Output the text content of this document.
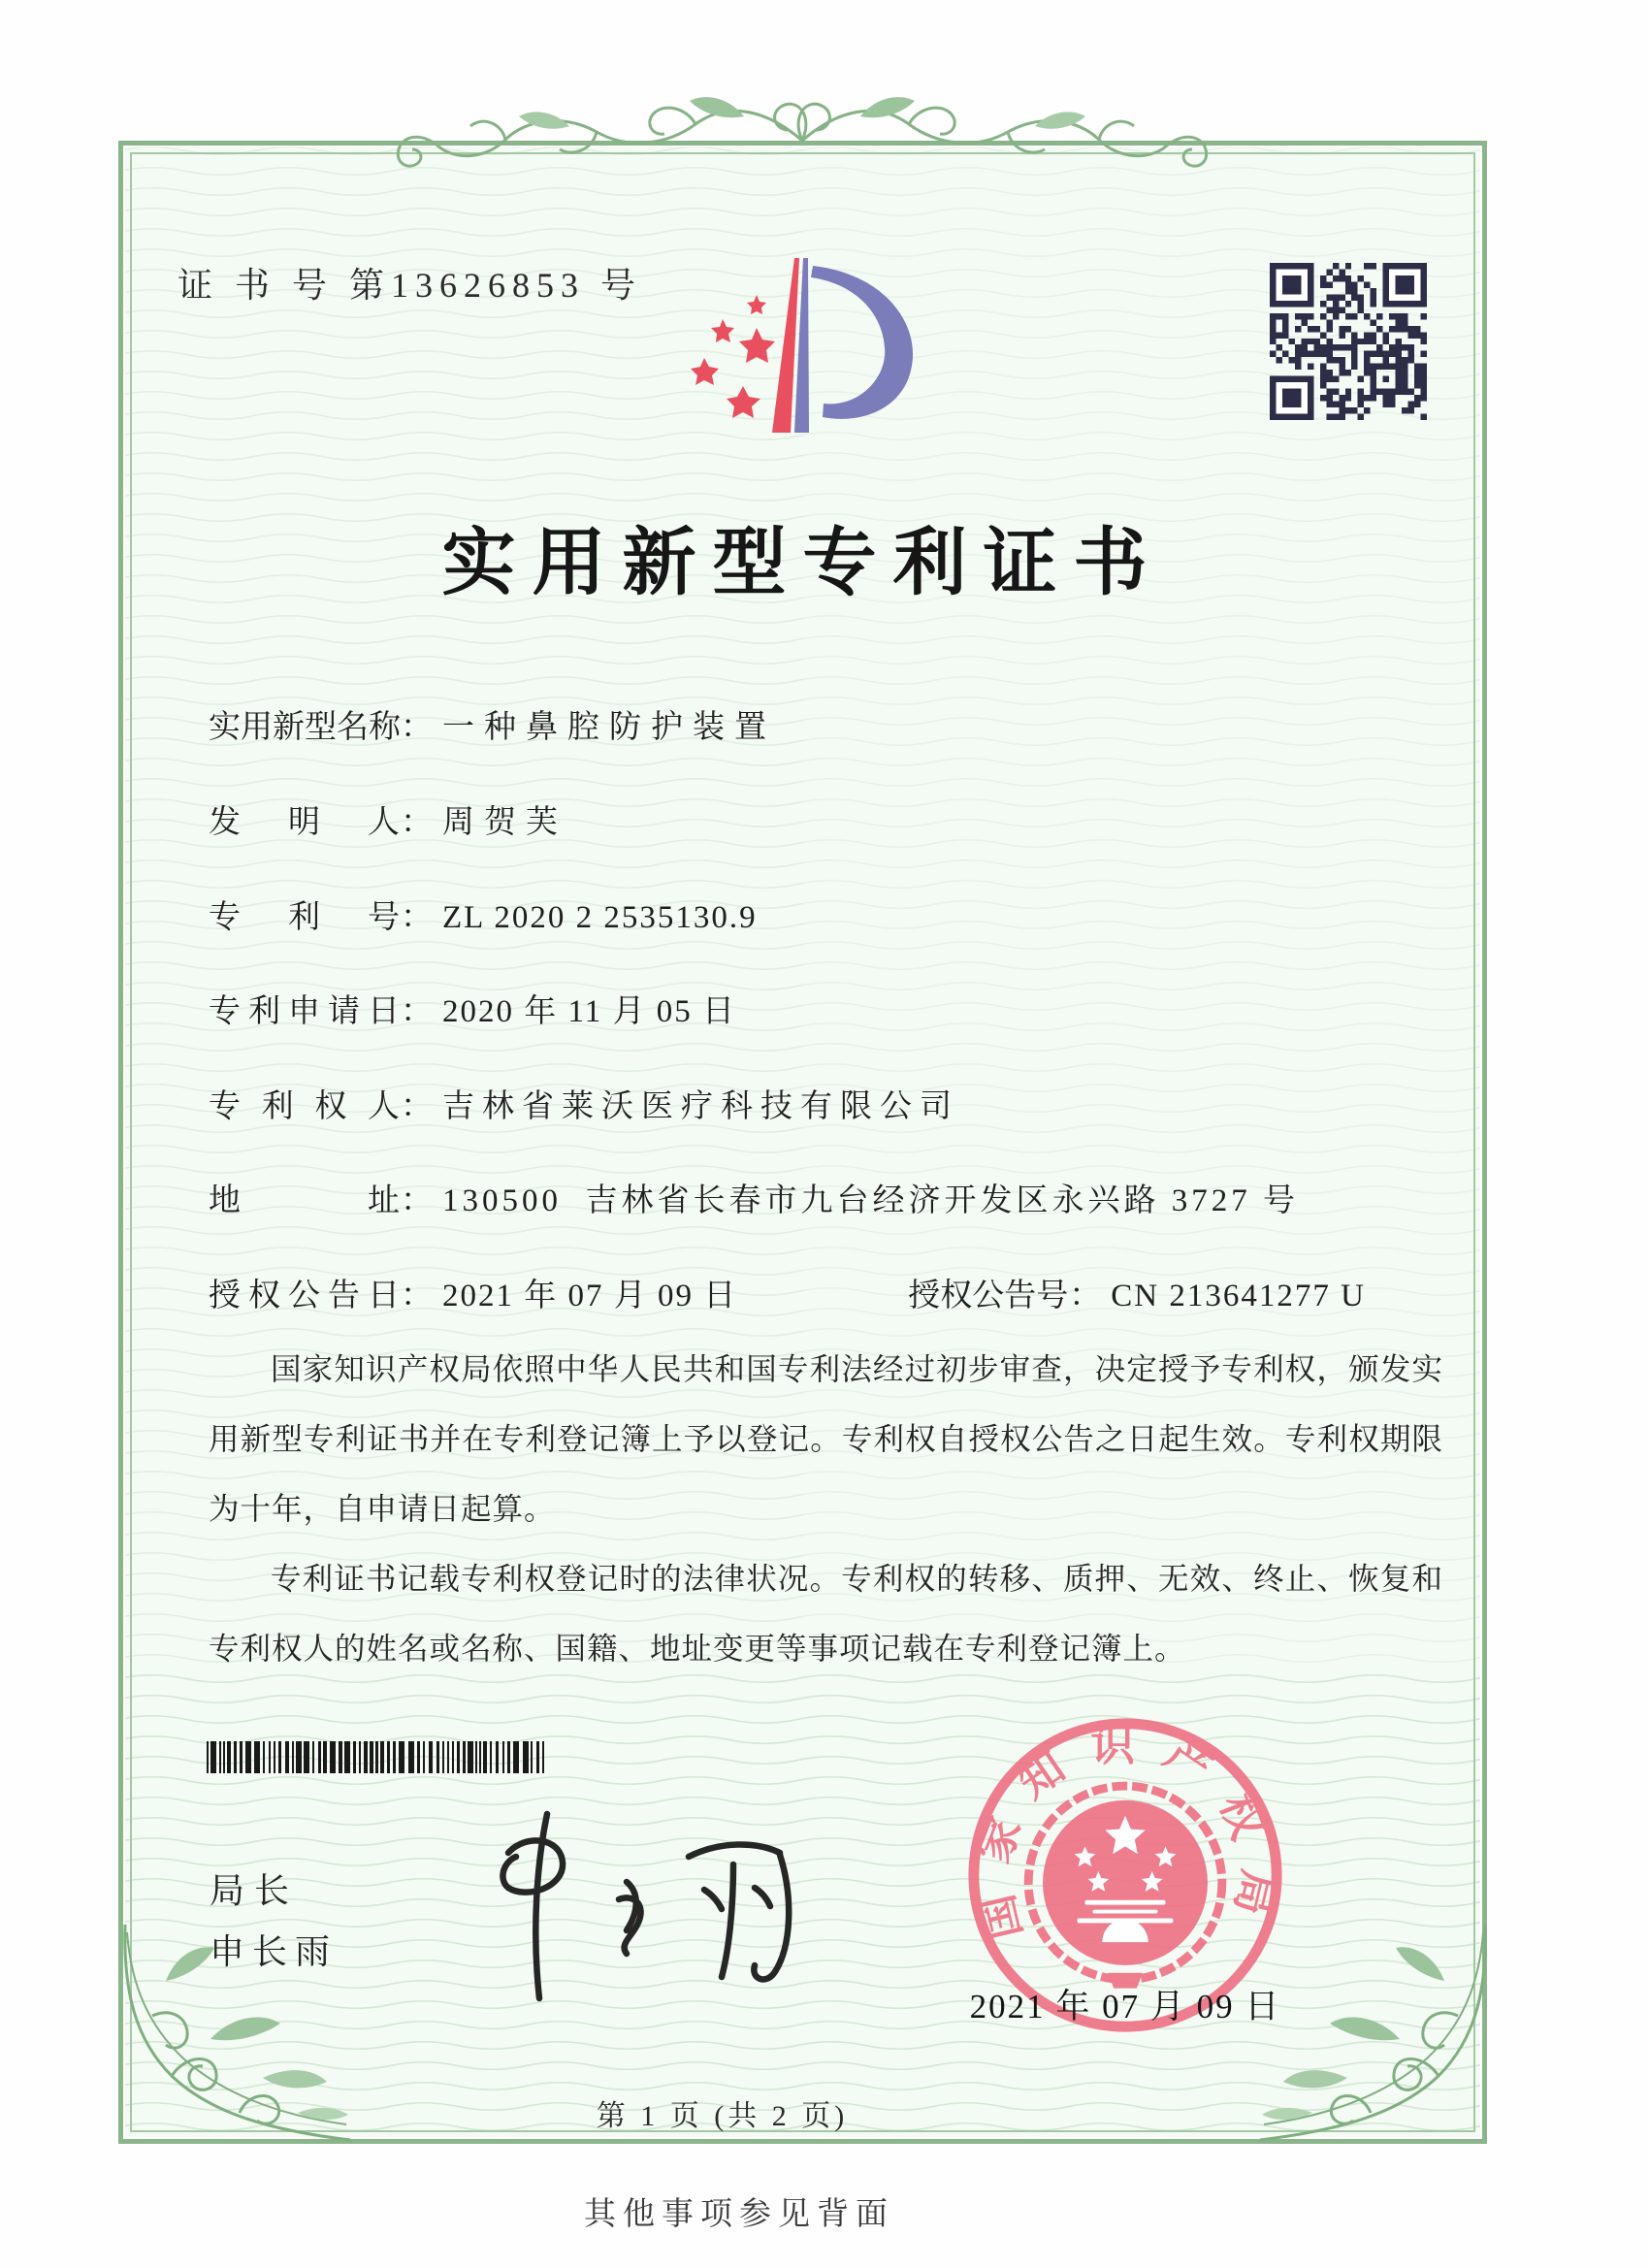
证 书 号 第13626853 号
实用新型专利证书
实用新型名称： 一种鼻腔防护装置
发明人： 周贺芙
专利号： ZL 2020 2 2535130.9
专利申请日： 2020 年 11 月 05 日
专利权人： 吉林省莱沃医疗科技有限公司
地址： 130500  吉林省长春市九台经济开发区永兴路 3727 号
授权公告日： 2021 年 07 月 09 日	授权公告号： CN 213641277 U

国家知识产权局依照中华人民共和国专利法经过初步审查，决定授予专利权，颁发实用新型专利证书并在专利登记簿上予以登记。专利权自授权公告之日起生效。专利权期限为十年，自申请日起算。

专利证书记载专利权登记时的法律状况。专利权的转移、质押、无效、终止、恢复和专利权人的姓名或名称、国籍、地址变更等事项记载在专利登记簿上。

局长
申长雨
国家知识产权局
2021 年 07 月 09 日
第 1 页 (共 2 页)
其他事项参见背面
